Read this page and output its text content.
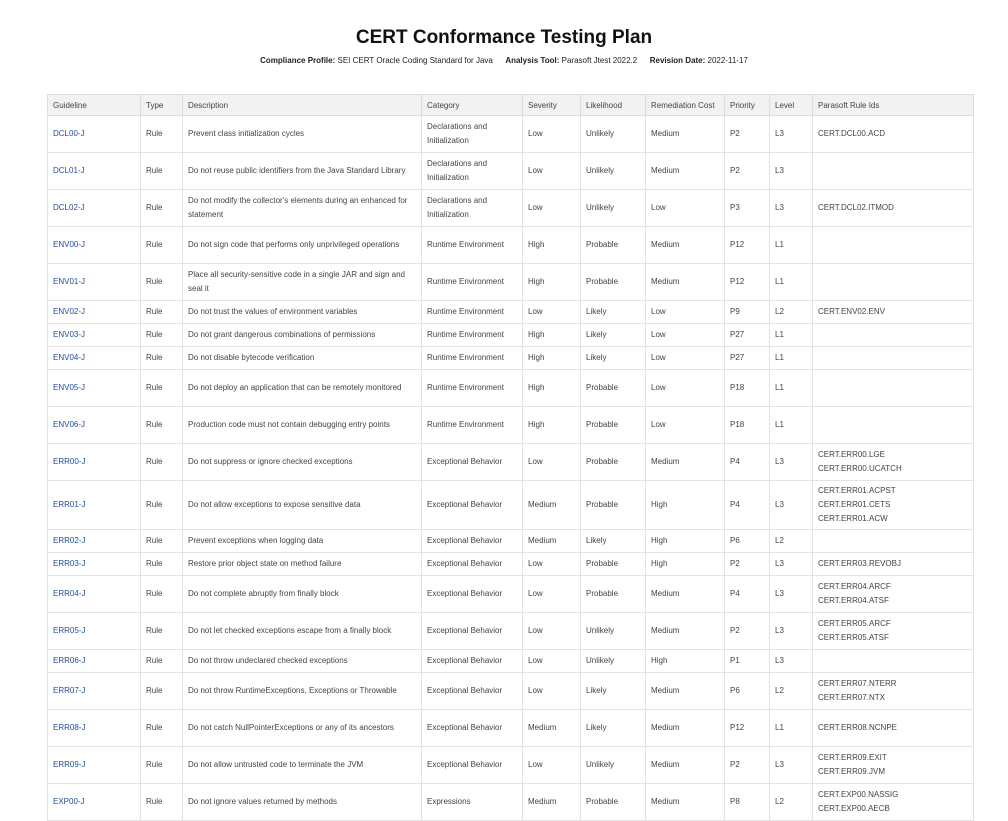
CERT Conformance Testing Plan
Compliance Profile: SEI CERT Oracle Coding Standard for Java Analysis Tool: Parasoft Jtest 2022.2 Revision Date: 2022-11-17
Guideline	Type	Description	Category	Severity	Likelihood	Remediation Cost	Priority	Level	Parasoft Rule Ids
DCL00-J	Rule	Prevent class initialization cycles	Declarations and Initialization	Low	Unlikely	Medium	P2	L3	CERT.DCL00.ACD

DCL01-J	Rule	Do not reuse public identifiers from the Java Standard Library	Declarations and Initialization	Low	Unlikely	Medium	P2	L3	
DCL02-J	Rule	Do not modify the collector's elements during an enhanced for statement	Declarations and Initialization	Low	Unlikely	Low	P3	L3	CERT.DCL02.ITMOD

ENV00-J	Rule	Do not sign code that performs only unprivileged operations	Runtime Environment	High	Probable	Medium	P12	L1	
ENV01-J	Rule	Place all security-sensitive code in a single JAR and sign and seal it	Runtime Environment	High	Probable	Medium	P12	L1	
ENV02-J	Rule	Do not trust the values of environment variables	Runtime Environment	Low	Likely	Low	P9	L2	CERT.ENV02.ENV

ENV03-J	Rule	Do not grant dangerous combinations of permissions	Runtime Environment	High	Likely	Low	P27	L1	
ENV04-J	Rule	Do not disable bytecode verification	Runtime Environment	High	Likely	Low	P27	L1	
ENV05-J	Rule	Do not deploy an application that can be remotely monitored	Runtime Environment	High	Probable	Low	P18	L1	
ENV06-J	Rule	Production code must not contain debugging entry points	Runtime Environment	High	Probable	Low	P18	L1	
ERR00-J	Rule	Do not suppress or ignore checked exceptions	Exceptional Behavior	Low	Probable	Medium	P4	L3	CERT.ERR00.LGE
CERT.ERR00.UCATCH

ERR01-J	Rule	Do not allow exceptions to expose sensitive data	Exceptional Behavior	Medium	Probable	High	P4	L3	CERT.ERR01.ACPST
CERT.ERR01.CETS
CERT.ERR01.ACW

ERR02-J	Rule	Prevent exceptions when logging data	Exceptional Behavior	Medium	Likely	High	P6	L2	
ERR03-J	Rule	Restore prior object state on method failure	Exceptional Behavior	Low	Probable	High	P2	L3	CERT.ERR03.REVOBJ

ERR04-J	Rule	Do not complete abruptly from finally block	Exceptional Behavior	Low	Probable	Medium	P4	L3	CERT.ERR04.ARCF
CERT.ERR04.ATSF

ERR05-J	Rule	Do not let checked exceptions escape from a finally block	Exceptional Behavior	Low	Unlikely	Medium	P2	L3	CERT.ERR05.ARCF
CERT.ERR05.ATSF

ERR06-J	Rule	Do not throw undeclared checked exceptions	Exceptional Behavior	Low	Unlikely	High	P1	L3	
ERR07-J	Rule	Do not throw RuntimeExceptions, Exceptions or Throwable	Exceptional Behavior	Low	Likely	Medium	P6	L2	CERT.ERR07.NTERR
CERT.ERR07.NTX

ERR08-J	Rule	Do not catch NullPointerExceptions or any of its ancestors	Exceptional Behavior	Medium	Likely	Medium	P12	L1	CERT.ERR08.NCNPE

ERR09-J	Rule	Do not allow untrusted code to terminate the JVM	Exceptional Behavior	Low	Unlikely	Medium	P2	L3	CERT.ERR09.EXIT
CERT.ERR09.JVM

EXP00-J	Rule	Do not ignore values returned by methods	Expressions	Medium	Probable	Medium	P8	L2	CERT.EXP00.NASSIG
CERT.EXP00.AECB
